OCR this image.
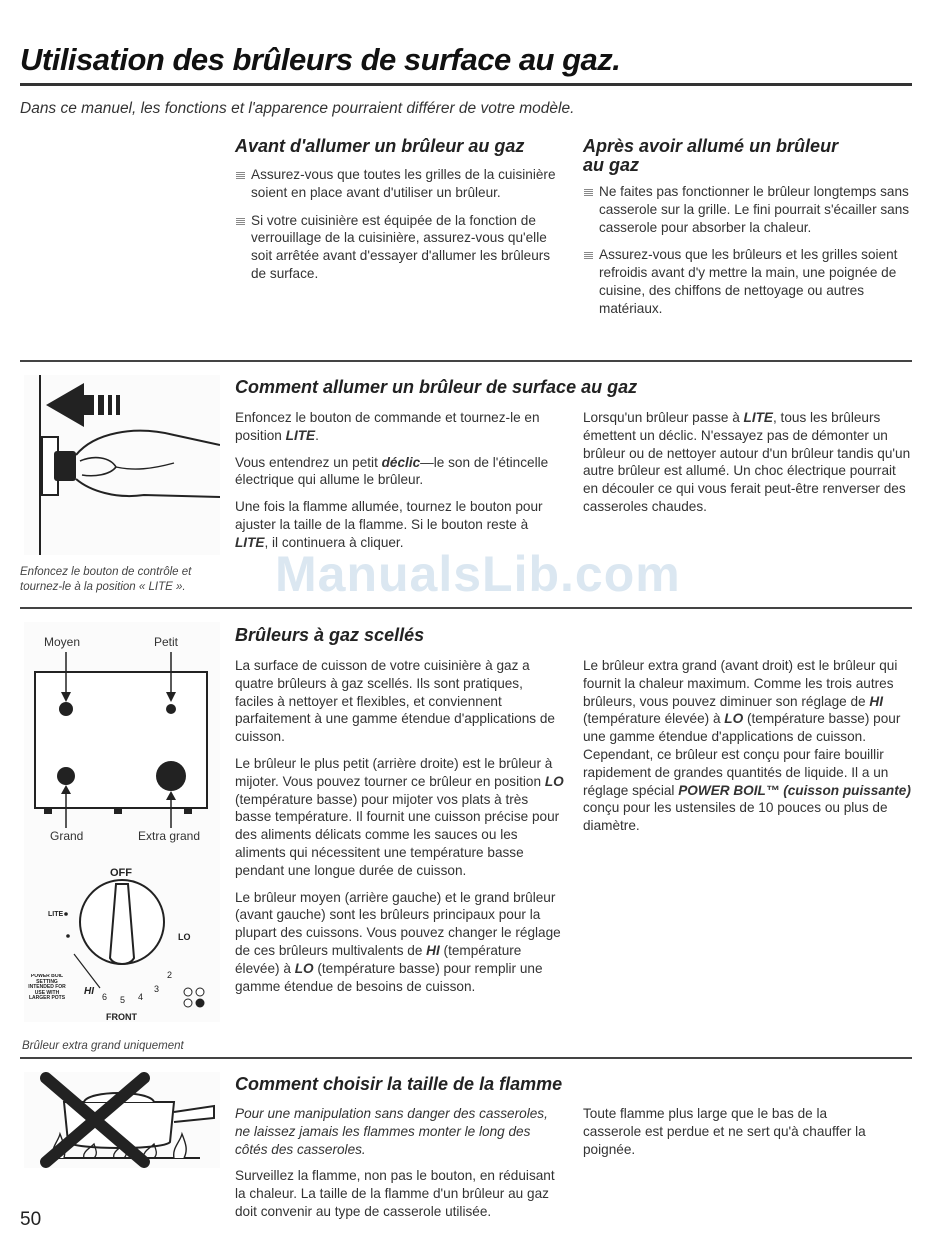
Utilisation des brûleurs de surface au gaz.
Dans ce manuel, les fonctions et l'apparence pourraient différer de votre modèle.
Avant d'allumer un brûleur au gaz
Assurez-vous que toutes les grilles de la cuisinière soient en place avant d'utiliser un brûleur.
Si votre cuisinière est équipée de la fonction de verrouillage de la cuisinière, assurez-vous qu'elle soit arrêtée avant d'essayer d'allumer les brûleurs de surface.
Après avoir allumé un brûleur
au gaz
Ne faites pas fonctionner le brûleur longtemps sans casserole sur la grille. Le fini pourrait s'écailler sans casserole pour absorber la chaleur.
Assurez-vous que les brûleurs et les grilles soient refroidis avant d'y mettre la main, une poignée de cuisine, des chiffons de nettoyage ou autres matériaux.
Enfoncez le bouton de contrôle et
tournez-le à la position « LITE ».
Comment allumer un brûleur de surface au gaz
Enfoncez le bouton de commande et tournez-le en position LITE.
Vous entendrez un petit déclic—le son de l'étincelle électrique qui allume le brûleur.
Une fois la flamme allumée, tournez le bouton pour ajuster la taille de la flamme. Si le bouton reste à LITE, il continuera à cliquer.
Lorsqu'un brûleur passe à LITE, tous les brûleurs émettent un déclic. N'essayez pas de démonter un brûleur ou de nettoyer autour d'un brûleur tandis qu'un autre brûleur est allumé. Un choc électrique pourrait en découler ce qui vous ferait peut-être renverser des casseroles chaudes.
ManualsLib.com
Moyen	Petit
Grand	Extra grand
OFF
LITE
LO
HI 6 5 4
3
2
POWER BOIL SETTING INTENDED FOR USE WITH LARGER POTS
FRONT
Brûleur extra grand uniquement
Brûleurs à gaz scellés
La surface de cuisson de votre cuisinière à gaz a quatre brûleurs à gaz scellés. Ils sont pratiques, faciles à nettoyer et flexibles, et conviennent parfaitement à une gamme étendue d'applications de cuisson.
Le brûleur le plus petit (arrière droite) est le brûleur à mijoter. Vous pouvez tourner ce brûleur en position LO (température basse) pour mijoter vos plats à très basse température. Il fournit une cuisson précise pour des aliments délicats comme les sauces ou les aliments qui nécessitent une température basse pendant une longue durée de cuisson.
Le brûleur moyen (arrière gauche) et le grand brûleur (avant gauche) sont les brûleurs principaux pour la plupart des cuissons. Vous pouvez changer le réglage de ces brûleurs multivalents de HI (température élevée) à LO (température basse) pour remplir une gamme étendue de besoins de cuisson.
Le brûleur extra grand (avant droit) est le brûleur qui fournit la chaleur maximum. Comme les trois autres brûleurs, vous pouvez diminuer son réglage de HI (température élevée) à LO (température basse) pour une gamme étendue d'applications de cuisson. Cependant, ce brûleur est conçu pour faire bouillir rapidement de grandes quantités de liquide. Il a un réglage spécial POWER BOIL™ (cuisson puissante) conçu pour les ustensiles de 10 pouces ou plus de diamètre.
Comment choisir la taille de la flamme
Pour une manipulation sans danger des casseroles, ne laissez jamais les flammes monter le long des côtés des casseroles.
Surveillez la flamme, non pas le bouton, en réduisant la chaleur. La taille de la flamme d'un brûleur au gaz doit convenir au type de casserole utilisée.
Toute flamme plus large que le bas de la casserole est perdue et ne sert qu'à chauffer la poignée.
50
